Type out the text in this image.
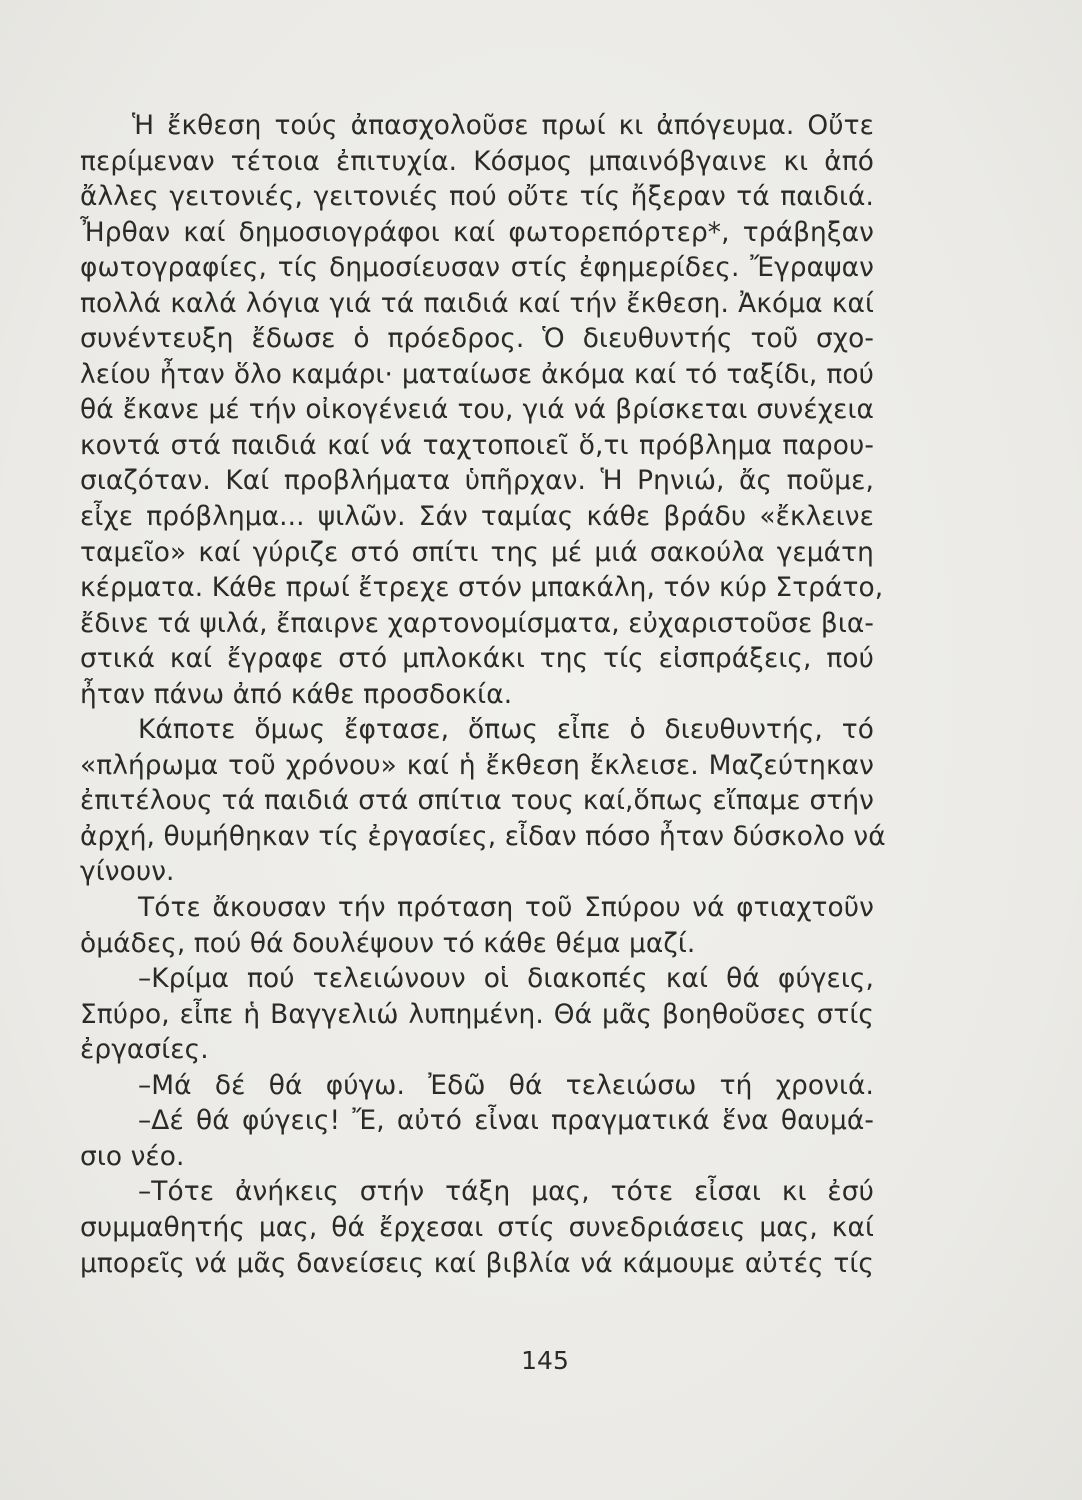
Ἡ ἔκθεση τούς ἀπασχολοῦσε πρωί κι ἀπόγευμα. Οὔτε
περίμεναν τέτοια ἐπιτυχία. Κόσμος μπαινόβγαινε κι ἀπό
ἄλλες γειτονιές, γειτονιές πού οὔτε τίς ἤξεραν τά παιδιά.
Ἦρθαν καί δημοσιογράφοι καί φωτορεπόρτερ*, τράβηξαν
φωτογραφίες, τίς δημοσίευσαν στίς ἐφημερίδες. Ἔγραψαν
πολλά καλά λόγια γιά τά παιδιά καί τήν ἔκθεση. Ἀκόμα καί
συνέντευξη ἔδωσε ὁ πρόεδρος. Ὁ διευθυντής τοῦ σχο-
λείου ἦταν ὅλο καμάρι· ματαίωσε ἀκόμα καί τό ταξίδι, πού
θά ἔκανε μέ τήν οἰκογένειά του, γιά νά βρίσκεται συνέχεια
κοντά στά παιδιά καί νά ταχτοποιεῖ ὅ,τι πρόβλημα παρου-
σιαζόταν. Καί προβλήματα ὑπῆρχαν. Ἡ Ρηνιώ, ἄς ποῦμε,
εἶχε πρόβλημα... ψιλῶν. Σάν ταμίας κάθε βράδυ «ἔκλεινε
ταμεῖο» καί γύριζε στό σπίτι της μέ μιά σακούλα γεμάτη
κέρματα. Κάθε πρωί ἔτρεχε στόν μπακάλη, τόν κύρ Στράτο,
ἔδινε τά ψιλά, ἔπαιρνε χαρτονομίσματα, εὐχαριστοῦσε βια-
στικά καί ἔγραφε στό μπλοκάκι της τίς εἰσπράξεις, πού
ἦταν πάνω ἀπό κάθε προσδοκία.
Κάποτε ὅμως ἔφτασε, ὅπως εἶπε ὁ διευθυντής, τό
«πλήρωμα τοῦ χρόνου» καί ἡ ἔκθεση ἔκλεισε. Μαζεύτηκαν
ἐπιτέλους τά παιδιά στά σπίτια τους καί,ὅπως εἴπαμε στήν
ἀρχή, θυμήθηκαν τίς ἐργασίες, εἶδαν πόσο ἦταν δύσκολο νά
γίνουν.
Τότε ἄκουσαν τήν πρόταση τοῦ Σπύρου νά φτιαχτοῦν
ὁμάδες, πού θά δουλέψουν τό κάθε θέμα μαζί.
–Κρίμα πού τελειώνουν οἱ διακοπές καί θά φύγεις,
Σπύρο, εἶπε ἡ Βαγγελιώ λυπημένη. Θά μᾶς βοηθοῦσες στίς
ἐργασίες.
–Μά δέ θά φύγω. Ἐδῶ θά τελειώσω τή χρονιά.
–Δέ θά φύγεις! Ἔ, αὐτό εἶναι πραγματικά ἕνα θαυμά-
σιο νέο.
–Τότε ἀνήκεις στήν τάξη μας, τότε εἶσαι κι ἐσύ
συμμαθητής μας, θά ἔρχεσαι στίς συνεδριάσεις μας, καί
μπορεῖς νά μᾶς δανείσεις καί βιβλία νά κάμουμε αὐτές τίς
145
